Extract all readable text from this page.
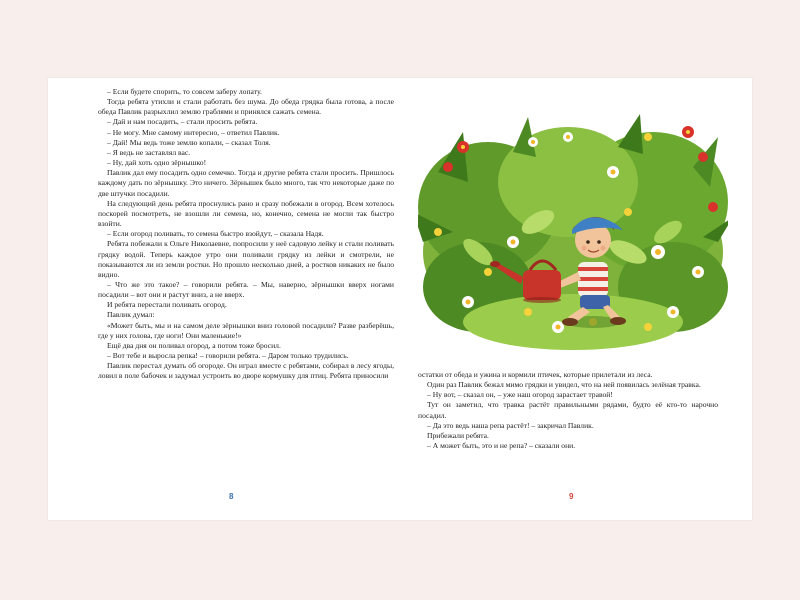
– Если будете спорить, то совсем заберу лопату.

Тогда ребята утихли и стали работать без шума. До обеда грядка была готова, а после обеда Павлик разрыхлил землю граблями и принялся сажать семена.

– Дай и нам посадить, – стали просить ребята.

– Не могу. Мне самому интересно, – ответил Павлик.

– Дай! Мы ведь тоже землю копали, – сказал Толя.

– Я ведь не заставлял вас.

– Ну, дай хоть одно зёрнышко!

Павлик дал ему посадить одно семечко. Тогда и другие ребята стали просить. Пришлось каждому дать по зёрнышку. Это ничего. Зёрнышек было много, так что некоторые даже по две штучки посадили.

На следующий день ребята проснулись рано и сразу побежали в огород. Всем хотелось поскорей посмотреть, не взошли ли семена, но, конечно, семена не могли так быстро взойти.

– Если огород поливать, то семена быстро взойдут, – сказала Надя.

Ребята побежали к Ольге Николаевне, попросили у неё садовую лейку и стали поливать грядку водой. Теперь каждое утро они поливали грядку из лейки и смотрели, не показываются ли из земли ростки. Но прошло несколько дней, а ростков никаких не было видно.

– Что же это такое? – говорили ребята. – Мы, наверно, зёрнышки вверх ногами посадили – вот они и растут вниз, а не вверх.

И ребята перестали поливать огород.

Павлик думал:

«Может быть, мы и на самом деле зёрнышки вниз головой посадили? Разве разберёшь, где у них голова, где ноги! Они маленькие!»

Ещё два дня он поливал огород, а потом тоже бросил.

– Вот тебе и выросла репка! – говорили ребята. – Даром только трудились.

Павлик перестал думать об огороде. Он играл вместе с ребятами, собирал в лесу ягоды, ловил в поле бабочек и задумал устроить во дворе кормушку для птиц. Ребята приносили

8

остатки от обеда и ужина и кормили птичек, которые прилетали из леса.

Один раз Павлик бежал мимо грядки и увидел, что на ней появилась зелёная травка.

– Ну вот, – сказал он, – уже наш огород зарастает травой!

Тут он заметил, что травка растёт правильными рядами, будто её кто-то нарочно посадил.

– Да это ведь наша репа растёт! – закричал Павлик.

Прибежали ребята.

– А может быть, это и не репа? – сказали они.

9
